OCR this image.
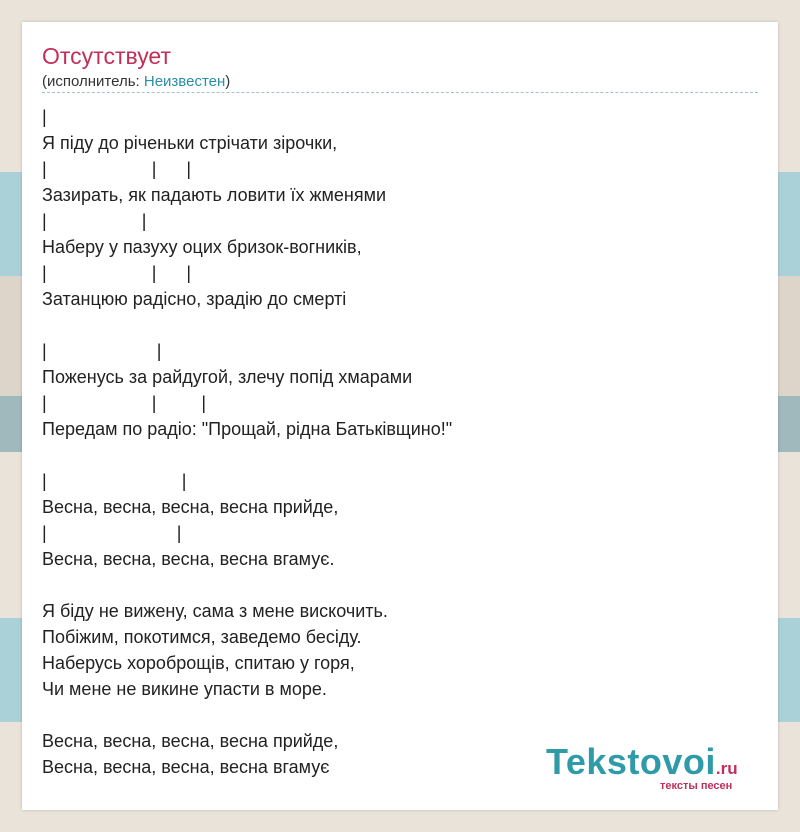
Отсутствует
(исполнитель: Неизвестен)
|
Я піду до річеньки стрічати зірочки,
|                     |      |
Зазирать, як падають ловити їх жменями
|                   |
Наберу у пазуху оцих бризок-вогників,
|                     |      |
Затанцюю радісно, зрадію до смерті
|                      |
Поженусь за райдугой, злечу попід хмарами
|                     |         |
Передам по радіо: "Прощай, рідна Батьківщино!"
|                           |
Весна, весна, весна, весна прийде,
|                          |
Весна, весна, весна, весна вгамує.
Я біду не вижену, сама з мене вискочить.
Побіжим, покотимся, заведемо бесіду.
Наберусь хороброщів, спитаю у горя,
Чи мене не викине упасти в море.
Весна, весна, весна, весна прийде,
Весна, весна, весна, весна вгамує	Tekstovoi.ru
тексты песен
